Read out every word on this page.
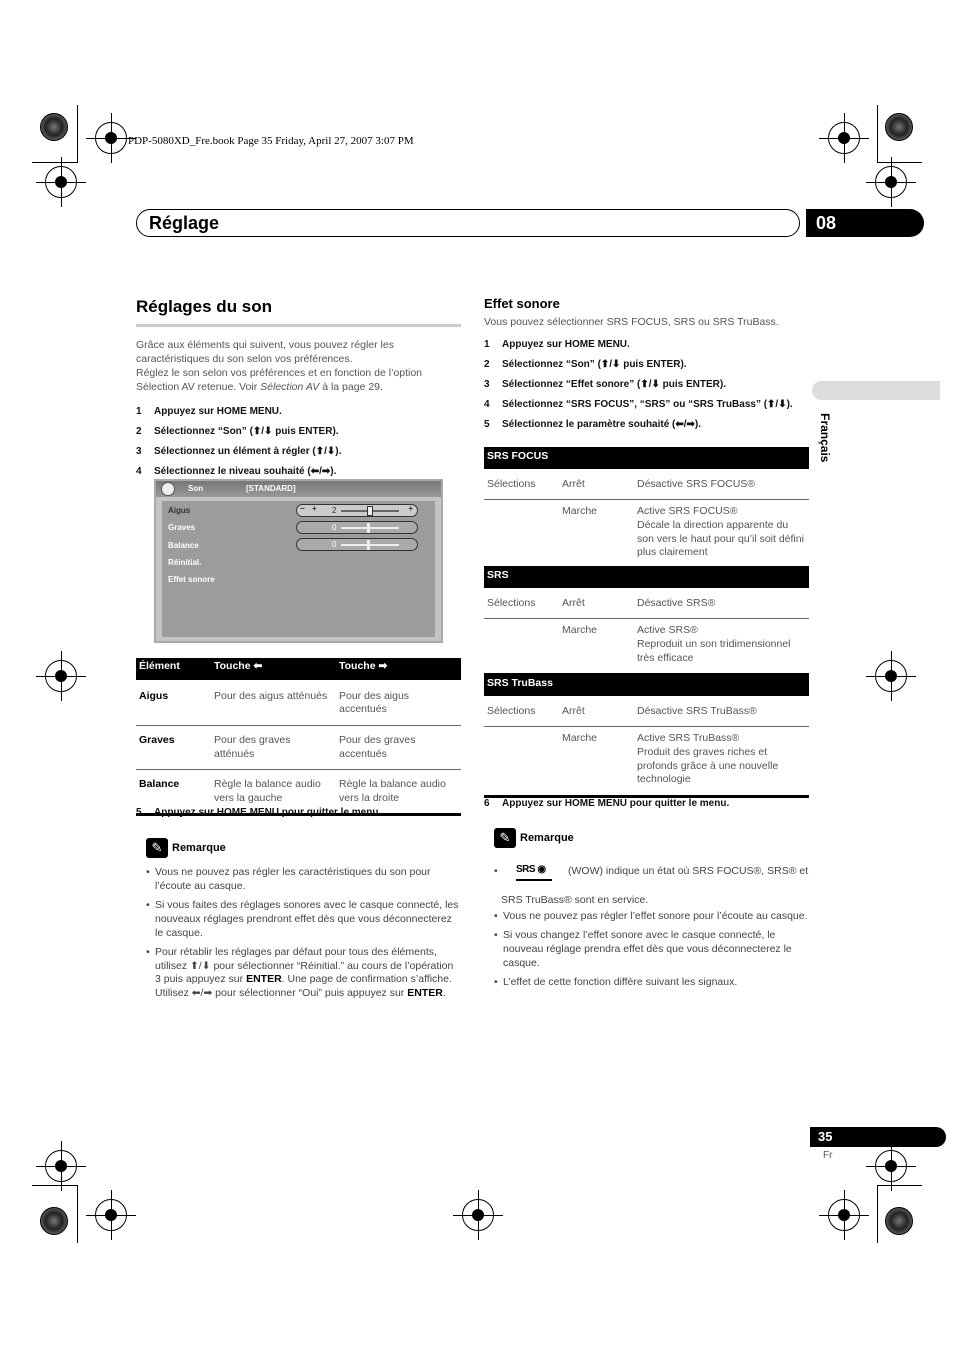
PDP-5080XD_Fre.book Page 35 Friday, April 27, 2007 3:07 PM
Réglage	08
Français
Réglages du son

Grâce aux éléments qui suivent, vous pouvez régler les caractéristiques du son selon vos préférences.

Réglez le son selon vos préférences et en fonction de l’option Sélection AV retenue. Voir Sélection AV à la page 29.

1 Appuyez sur HOME MENU.
2 Sélectionnez “Son” (⬆/⬇ puis ENTER).
3 Sélectionnez un élément à régler (⬆/⬇).
4 Sélectionnez le niveau souhaité (⬅/➡).
Son	[STANDARD]
Aigus
Graves
Balance
Réinitial.
Effet sonore
− + 2	+
0
0
Élément	Touche ⬅	Touche ➡
Aigus	Pour des aigus atténués	Pour des aigus accentués
Graves	Pour des graves atténués	Pour des graves accentués
Balance	Règle la balance audio vers la gauche	Règle la balance audio vers la droite
5 Appuyez sur HOME MENU pour quitter le menu.
✎ Remarque
• Vous ne pouvez pas régler les caractéristiques du son pour l’écoute au casque.
• Si vous faites des réglages sonores avec le casque connecté, les nouveaux réglages prendront effet dès que vous déconnecterez le casque.
• Pour rétablir les réglages par défaut pour tous des éléments, utilisez ⬆/⬇ pour sélectionner “Réinitial.” au cours de l’opération 3 puis appuyez sur ENTER. Une page de confirmation s’affiche. Utilisez ⬅/➡ pour sélectionner “Oui” puis appuyez sur ENTER.
Effet sonore

Vous pouvez sélectionner SRS FOCUS, SRS ou SRS TruBass.

1 Appuyez sur HOME MENU.
2 Sélectionnez “Son” (⬆/⬇ puis ENTER).
3 Sélectionnez “Effet sonore” (⬆/⬇ puis ENTER).
4 Sélectionnez “SRS FOCUS”, “SRS” ou “SRS TruBass” (⬆/⬇).
5 Sélectionnez le paramètre souhaité (⬅/➡).
SRS FOCUS		
Sélections	Arrêt	Désactive SRS FOCUS®
	Marche	Active SRS FOCUS®
Décale la direction apparente du son vers le haut pour qu’il soit défini plus clairement
SRS		
Sélections	Arrêt	Désactive SRS®
	Marche	Active SRS®
Reproduit un son tridimensionnel très efficace
SRS TruBass		
Sélections	Arrêt	Désactive SRS TruBass®
	Marche	Active SRS TruBass®
Produit des graves riches et profonds grâce à une nouvelle technologie
6 Appuyez sur HOME MENU pour quitter le menu.
✎ Remarque
• SRS ◉	(WOW) indique un état où SRS FOCUS®, SRS® et
SRS TruBass® sont en service.
• Vous ne pouvez pas régler l’effet sonore pour l’écoute au casque.
• Si vous changez l’effet sonore avec le casque connecté, le nouveau réglage prendra effet dès que vous déconnecterez le casque.
• L’effet de cette fonction diffère suivant les signaux.
35
Fr
